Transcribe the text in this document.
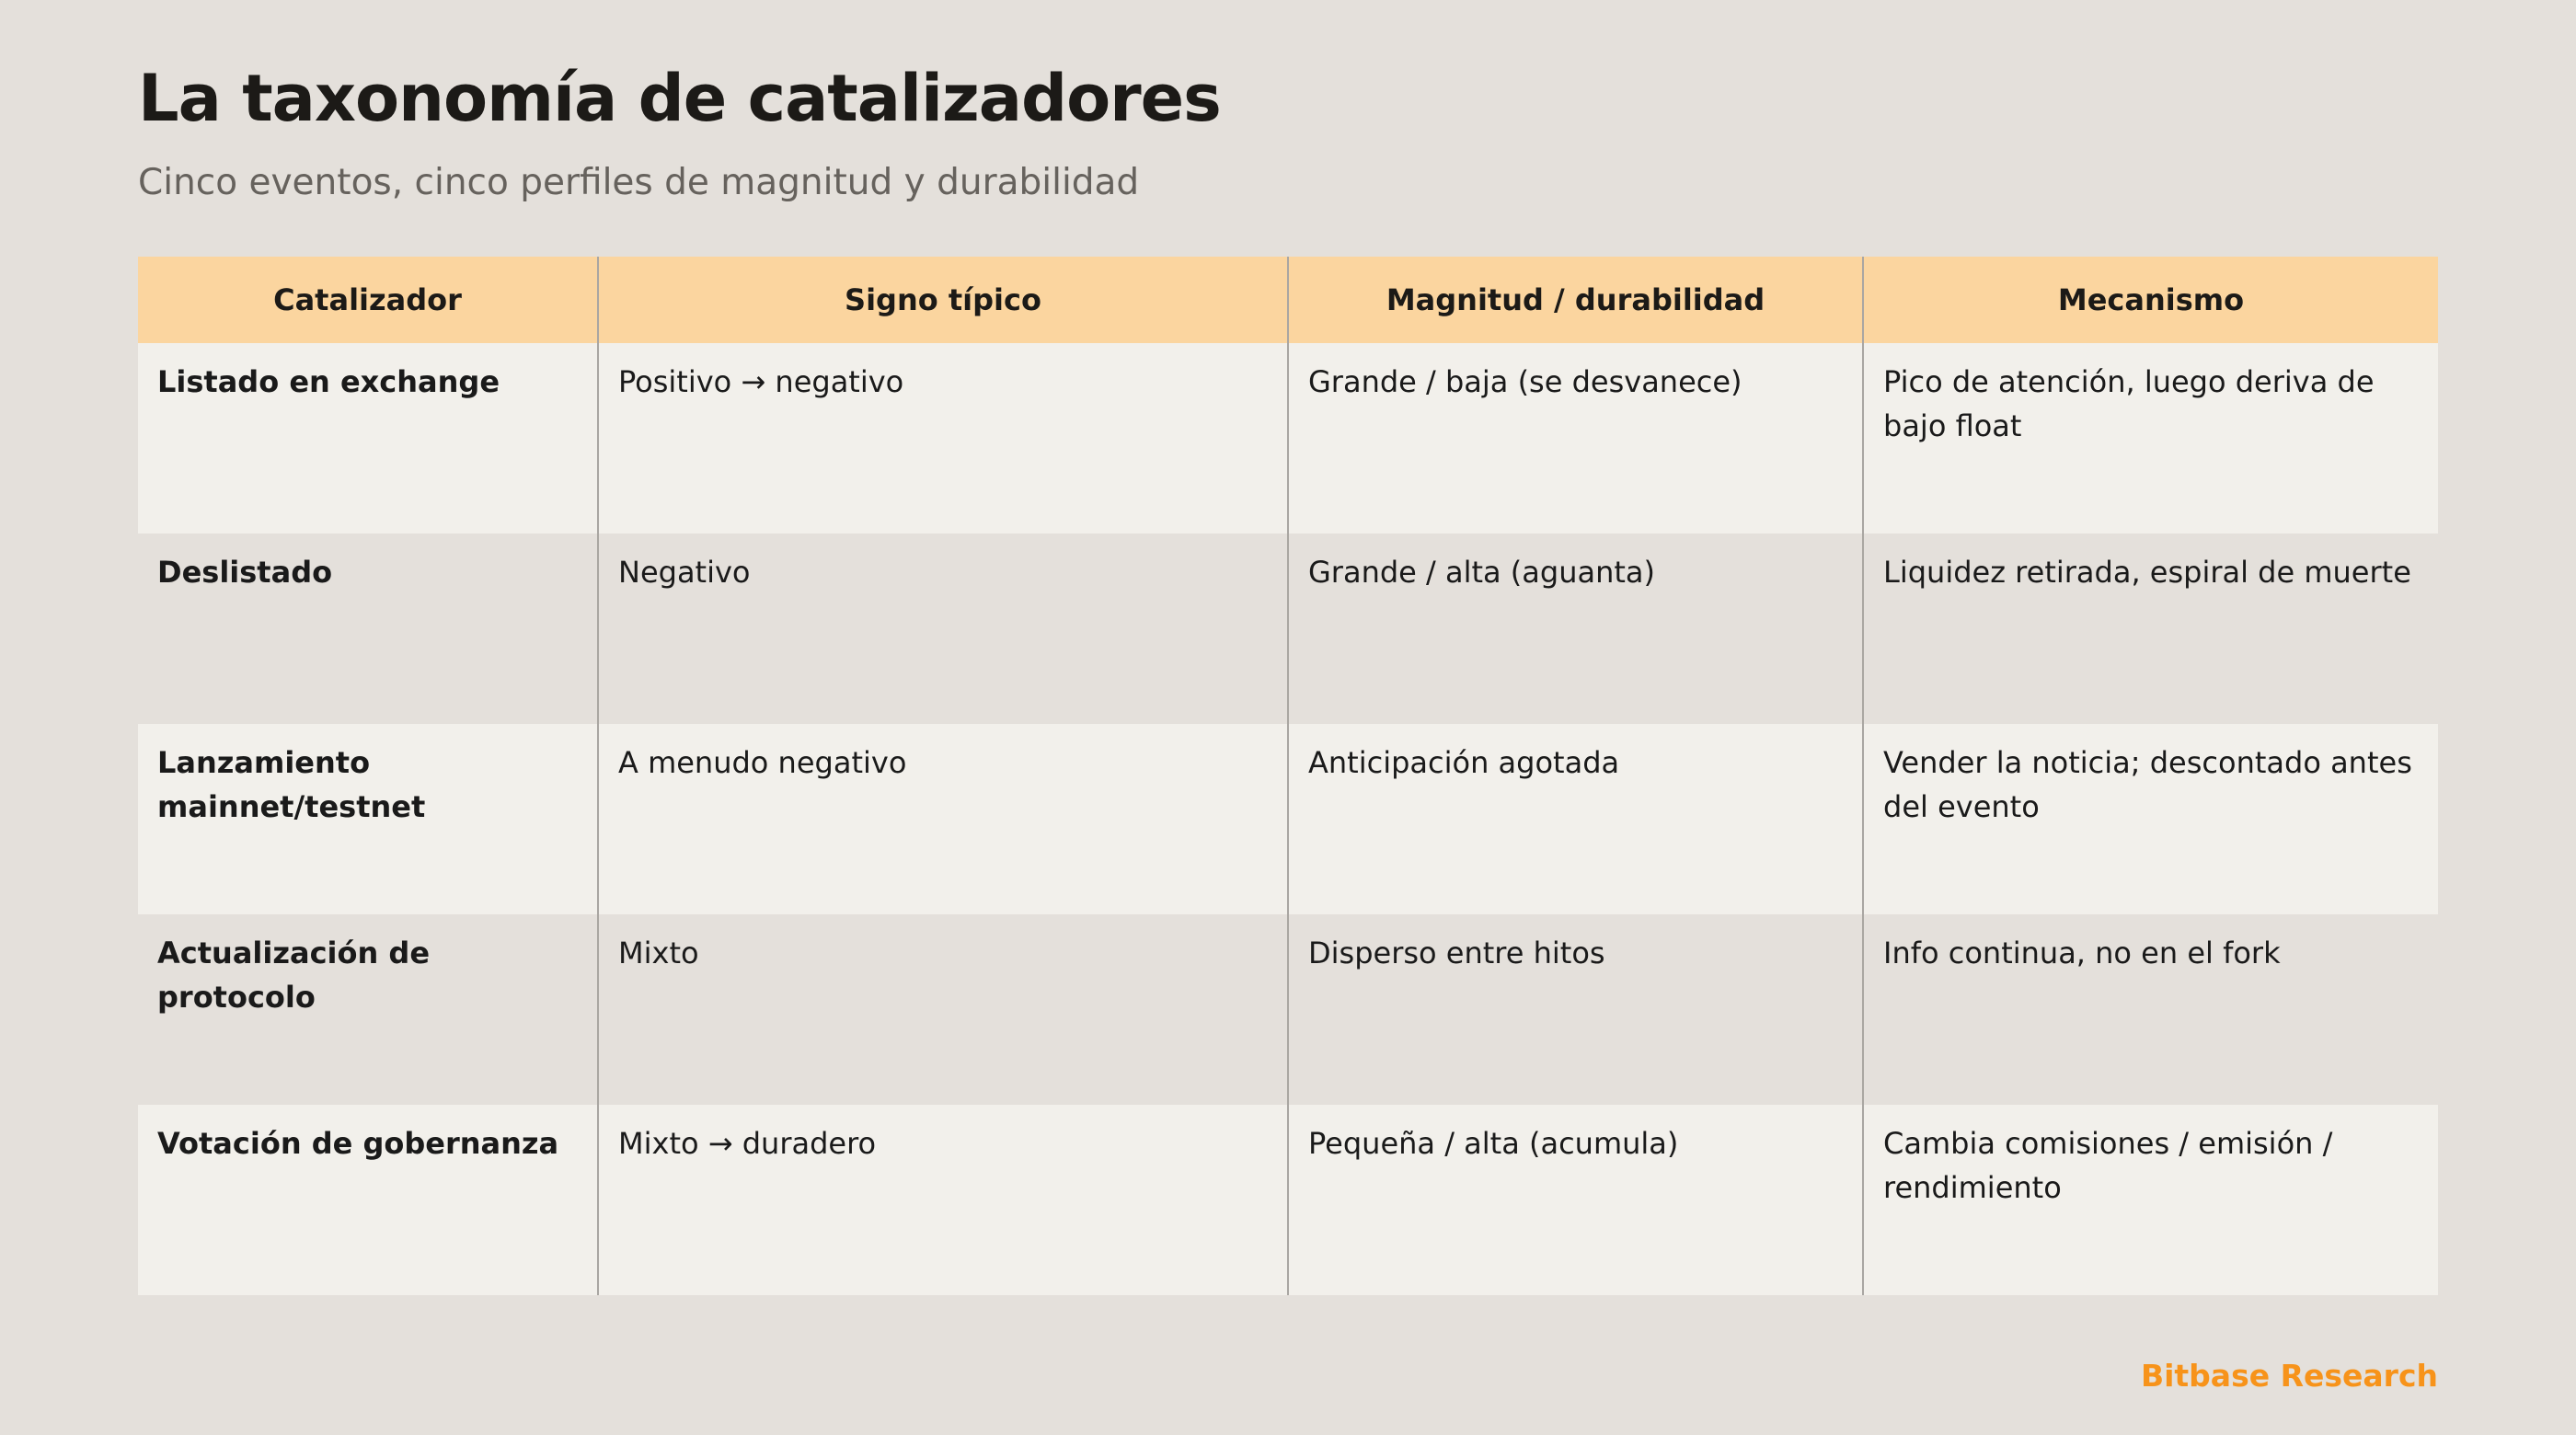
La taxonomía de catalizadores
Cinco eventos, cinco perfiles de magnitud y durabilidad
Catalizador	Signo típico	Magnitud / durabilidad	Mecanismo
Listado en exchange	Positivo → negativo	Grande / baja (se desvanece)	Pico de atención, luego deriva de bajo float
Deslistado	Negativo	Grande / alta (aguanta)	Liquidez retirada, espiral de muerte
Lanzamiento mainnet/testnet	A menudo negativo	Anticipación agotada	Vender la noticia; descontado antes del evento
Actualización de protocolo	Mixto	Disperso entre hitos	Info continua, no en el fork
Votación de gobernanza	Mixto → duradero	Pequeña / alta (acumula)	Cambia comisiones / emisión / rendimiento
Bitbase Research
